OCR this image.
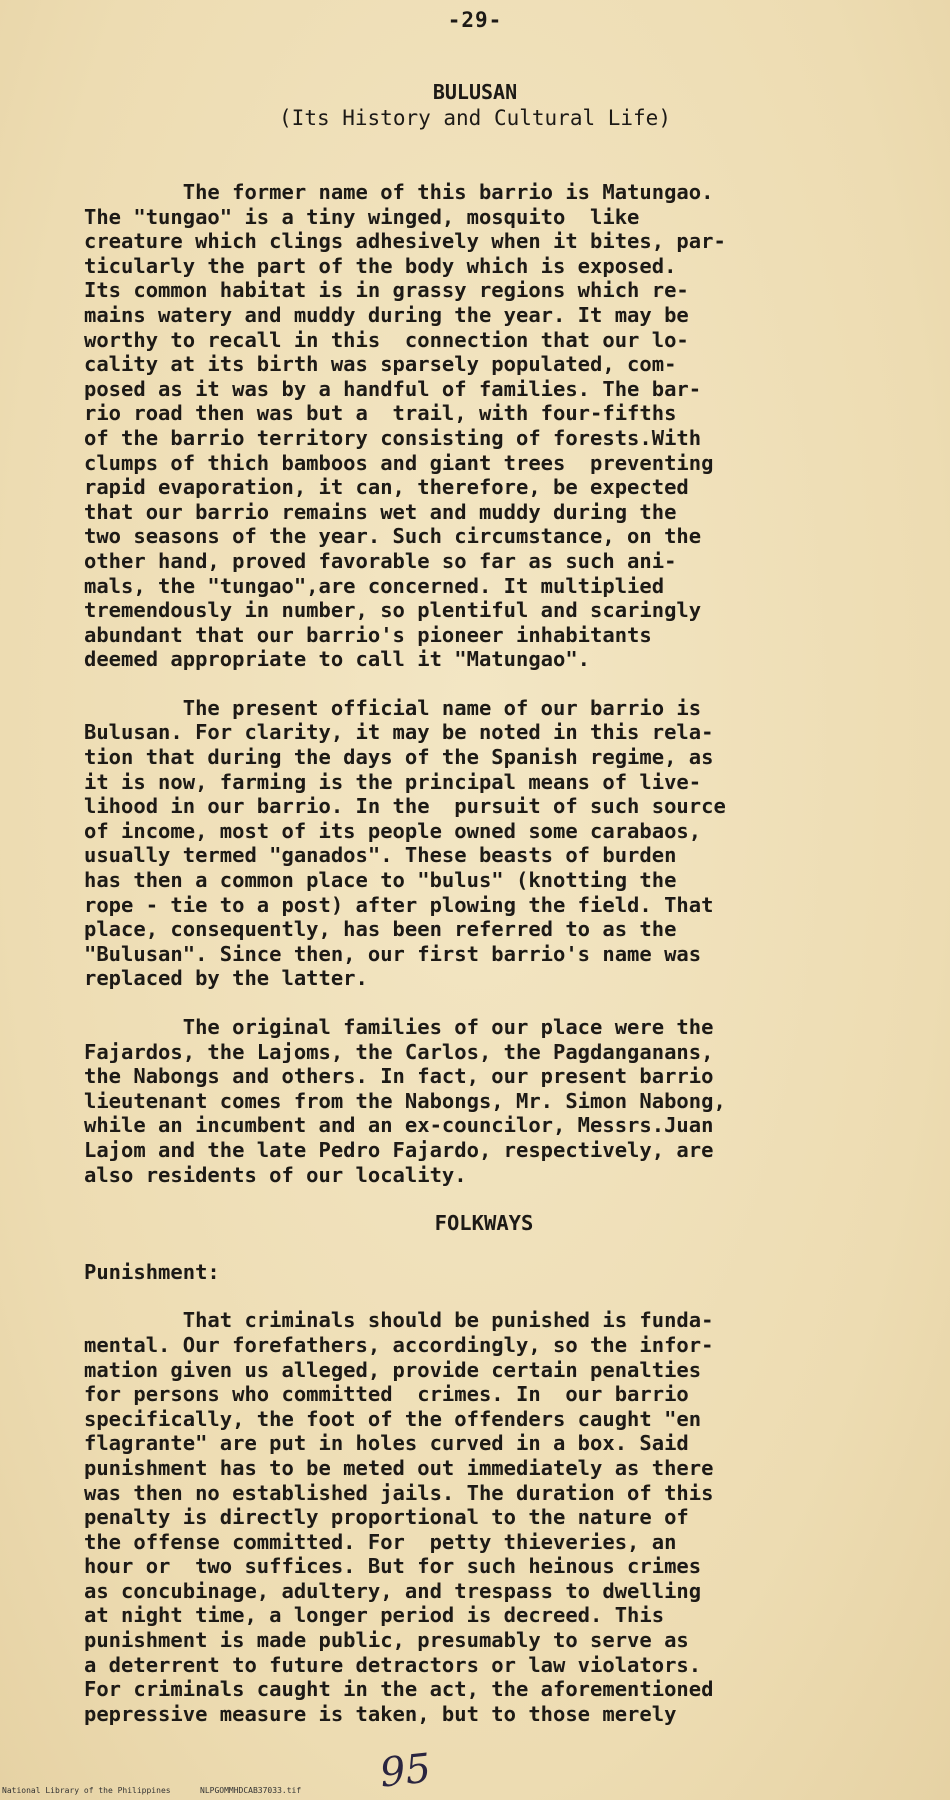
-29-
BULUSAN
(Its History and Cultural Life)
The former name of this barrio is Matungao.
The "tungao" is a tiny winged, mosquito  like
creature which clings adhesively when it bites, par-
ticularly the part of the body which is exposed.
Its common habitat is in grassy regions which re-
mains watery and muddy during the year. It may be
worthy to recall in this  connection that our lo-
cality at its birth was sparsely populated, com-
posed as it was by a handful of families. The bar-
rio road then was but a  trail, with four-fifths
of the barrio territory consisting of forests.With
clumps of thich bamboos and giant trees  preventing
rapid evaporation, it can, therefore, be expected
that our barrio remains wet and muddy during the
two seasons of the year. Such circumstance, on the
other hand, proved favorable so far as such ani-
mals, the "tungao",are concerned. It multiplied
tremendously in number, so plentiful and scaringly
abundant that our barrio's pioneer inhabitants
deemed appropriate to call it "Matungao".
The present official name of our barrio is
Bulusan. For clarity, it may be noted in this rela-
tion that during the days of the Spanish regime, as
it is now, farming is the principal means of live-
lihood in our barrio. In the  pursuit of such source
of income, most of its people owned some carabaos,
usually termed "ganados". These beasts of burden
has then a common place to "bulus" (knotting the
rope - tie to a post) after plowing the field. That
place, consequently, has been referred to as the
"Bulusan". Since then, our first barrio's name was
replaced by the latter.
The original families of our place were the
Fajardos, the Lajoms, the Carlos, the Pagdanganans,
the Nabongs and others. In fact, our present barrio
lieutenant comes from the Nabongs, Mr. Simon Nabong,
while an incumbent and an ex-councilor, Messrs.Juan
Lajom and the late Pedro Fajardo, respectively, are
also residents of our locality.
FOLKWAYS
Punishment:
That criminals should be punished is funda-
mental. Our forefathers, accordingly, so the infor-
mation given us alleged, provide certain penalties
for persons who committed  crimes. In  our barrio
specifically, the foot of the offenders caught "en
flagrante" are put in holes curved in a box. Said
punishment has to be meted out immediately as there
was then no established jails. The duration of this
penalty is directly proportional to the nature of
the offense committed. For  petty thieveries, an
hour or  two suffices. But for such heinous crimes
as concubinage, adultery, and trespass to dwelling
at night time, a longer period is decreed. This
punishment is made public, presumably to serve as
a deterrent to future detractors or law violators.
For criminals caught in the act, the aforementioned
pepressive measure is taken, but to those merely
95
National Library of the Philippines	NLPGOMMHDCAB37033.tif
